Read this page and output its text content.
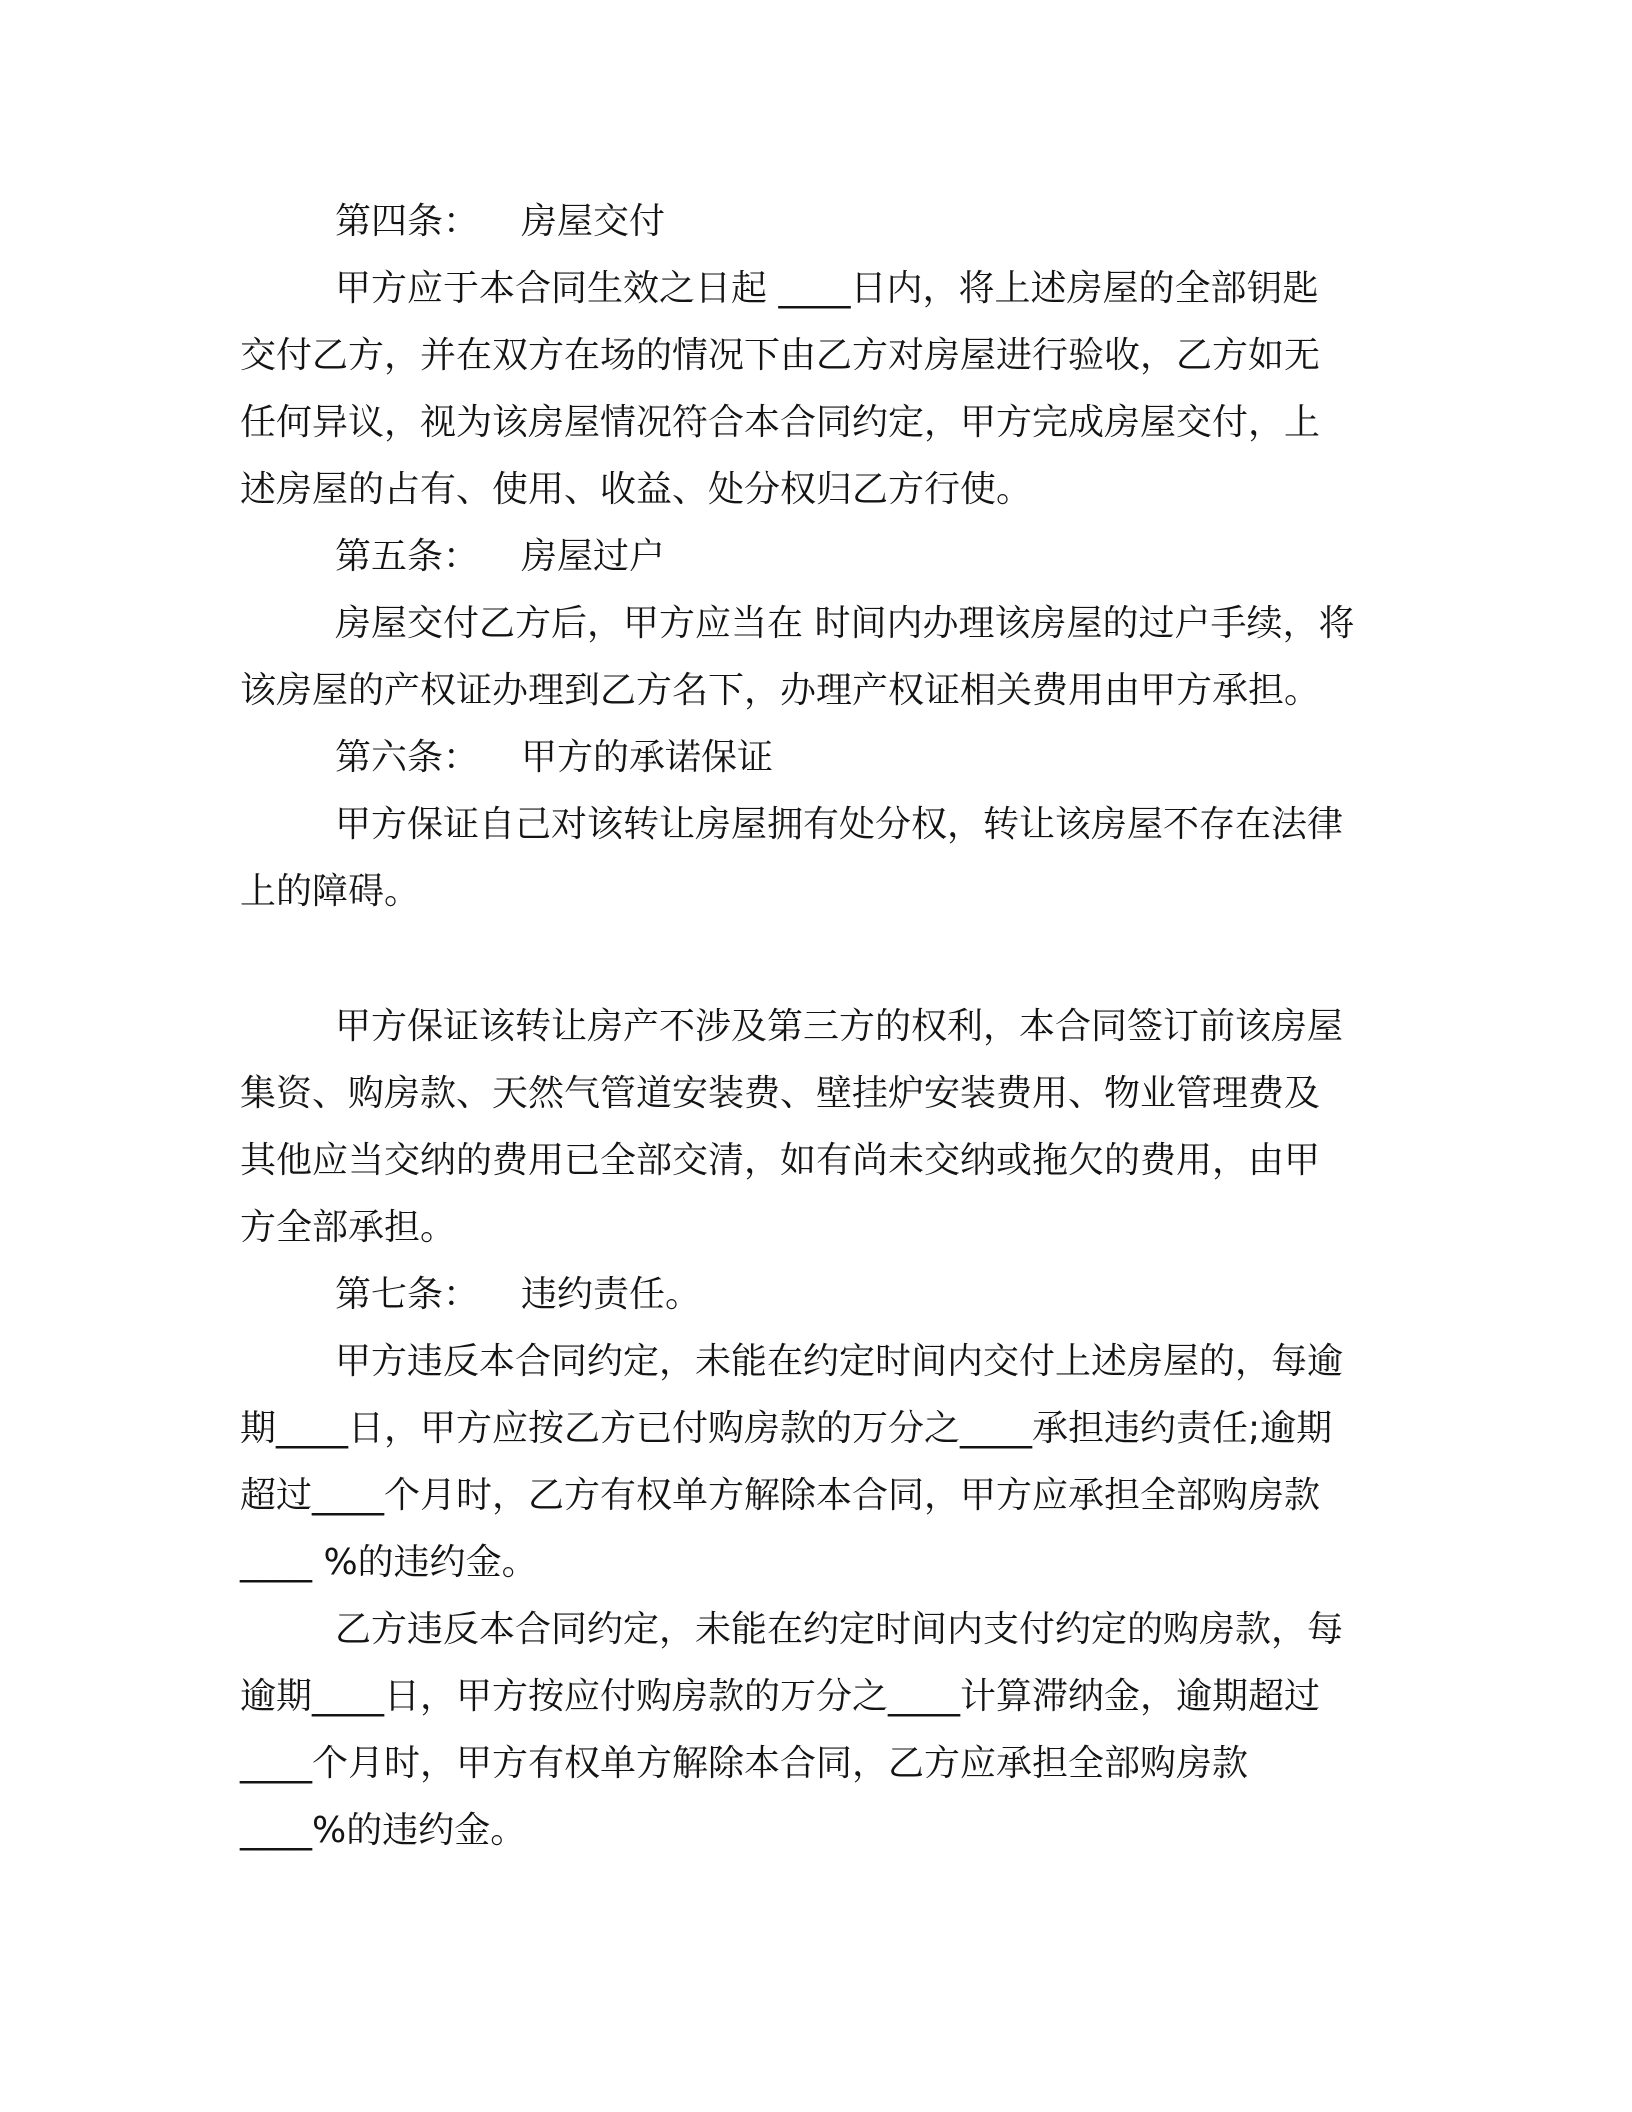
第四条： 房屋交付
甲方应于本合同生效之日起 ____日内，将上述房屋的全部钥匙
交付乙方，并在双方在场的情况下由乙方对房屋进行验收，乙方如无
任何异议，视为该房屋情况符合本合同约定，甲方完成房屋交付，上
述房屋的占有、使用、收益、处分权归乙方行使。
第五条： 房屋过户
房屋交付乙方后，甲方应当在 时间内办理该房屋的过户手续，将
该房屋的产权证办理到乙方名下，办理产权证相关费用由甲方承担。
第六条： 甲方的承诺保证
甲方保证自己对该转让房屋拥有处分权，转让该房屋不存在法律
上的障碍。
甲方保证该转让房产不涉及第三方的权利，本合同签订前该房屋
集资、购房款、天然气管道安装费、壁挂炉安装费用、物业管理费及
其他应当交纳的费用已全部交清，如有尚未交纳或拖欠的费用，由甲
方全部承担。
第七条： 违约责任。
甲方违反本合同约定，未能在约定时间内交付上述房屋的，每逾
期____日，甲方应按乙方已付购房款的万分之____承担违约责任;逾期
超过____个月时，乙方有权单方解除本合同，甲方应承担全部购房款
____ %的违约金。
乙方违反本合同约定，未能在约定时间内支付约定的购房款，每
逾期____日，甲方按应付购房款的万分之____计算滞纳金，逾期超过
____个月时，甲方有权单方解除本合同，乙方应承担全部购房款
____%的违约金。
